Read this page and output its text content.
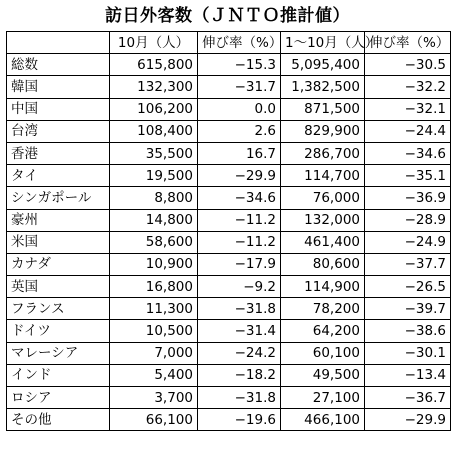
訪日外客数（ＪＮＴＯ推計値）
	10月（人）	伸び率（%）	1～10月（人）	伸び率（%）
総数	615,800	−15.3	5,095,400	−30.5
韓国	132,300	−31.7	1,382,500	−32.2
中国	106,200	0.0	871,500	−32.1
台湾	108,400	2.6	829,900	−24.4
香港	35,500	16.7	286,700	−34.6
タイ	19,500	−29.9	114,700	−35.1
シンガポール	8,800	−34.6	76,000	−36.9
豪州	14,800	−11.2	132,000	−28.9
米国	58,600	−11.2	461,400	−24.9
カナダ	10,900	−17.9	80,600	−37.7
英国	16,800	−9.2	114,900	−26.5
フランス	11,300	−31.8	78,200	−39.7
ドイツ	10,500	−31.4	64,200	−38.6
マレーシア	7,000	−24.2	60,100	−30.1
インド	5,400	−18.2	49,500	−13.4
ロシア	3,700	−31.8	27,100	−36.7
その他	66,100	−19.6	466,100	−29.9
